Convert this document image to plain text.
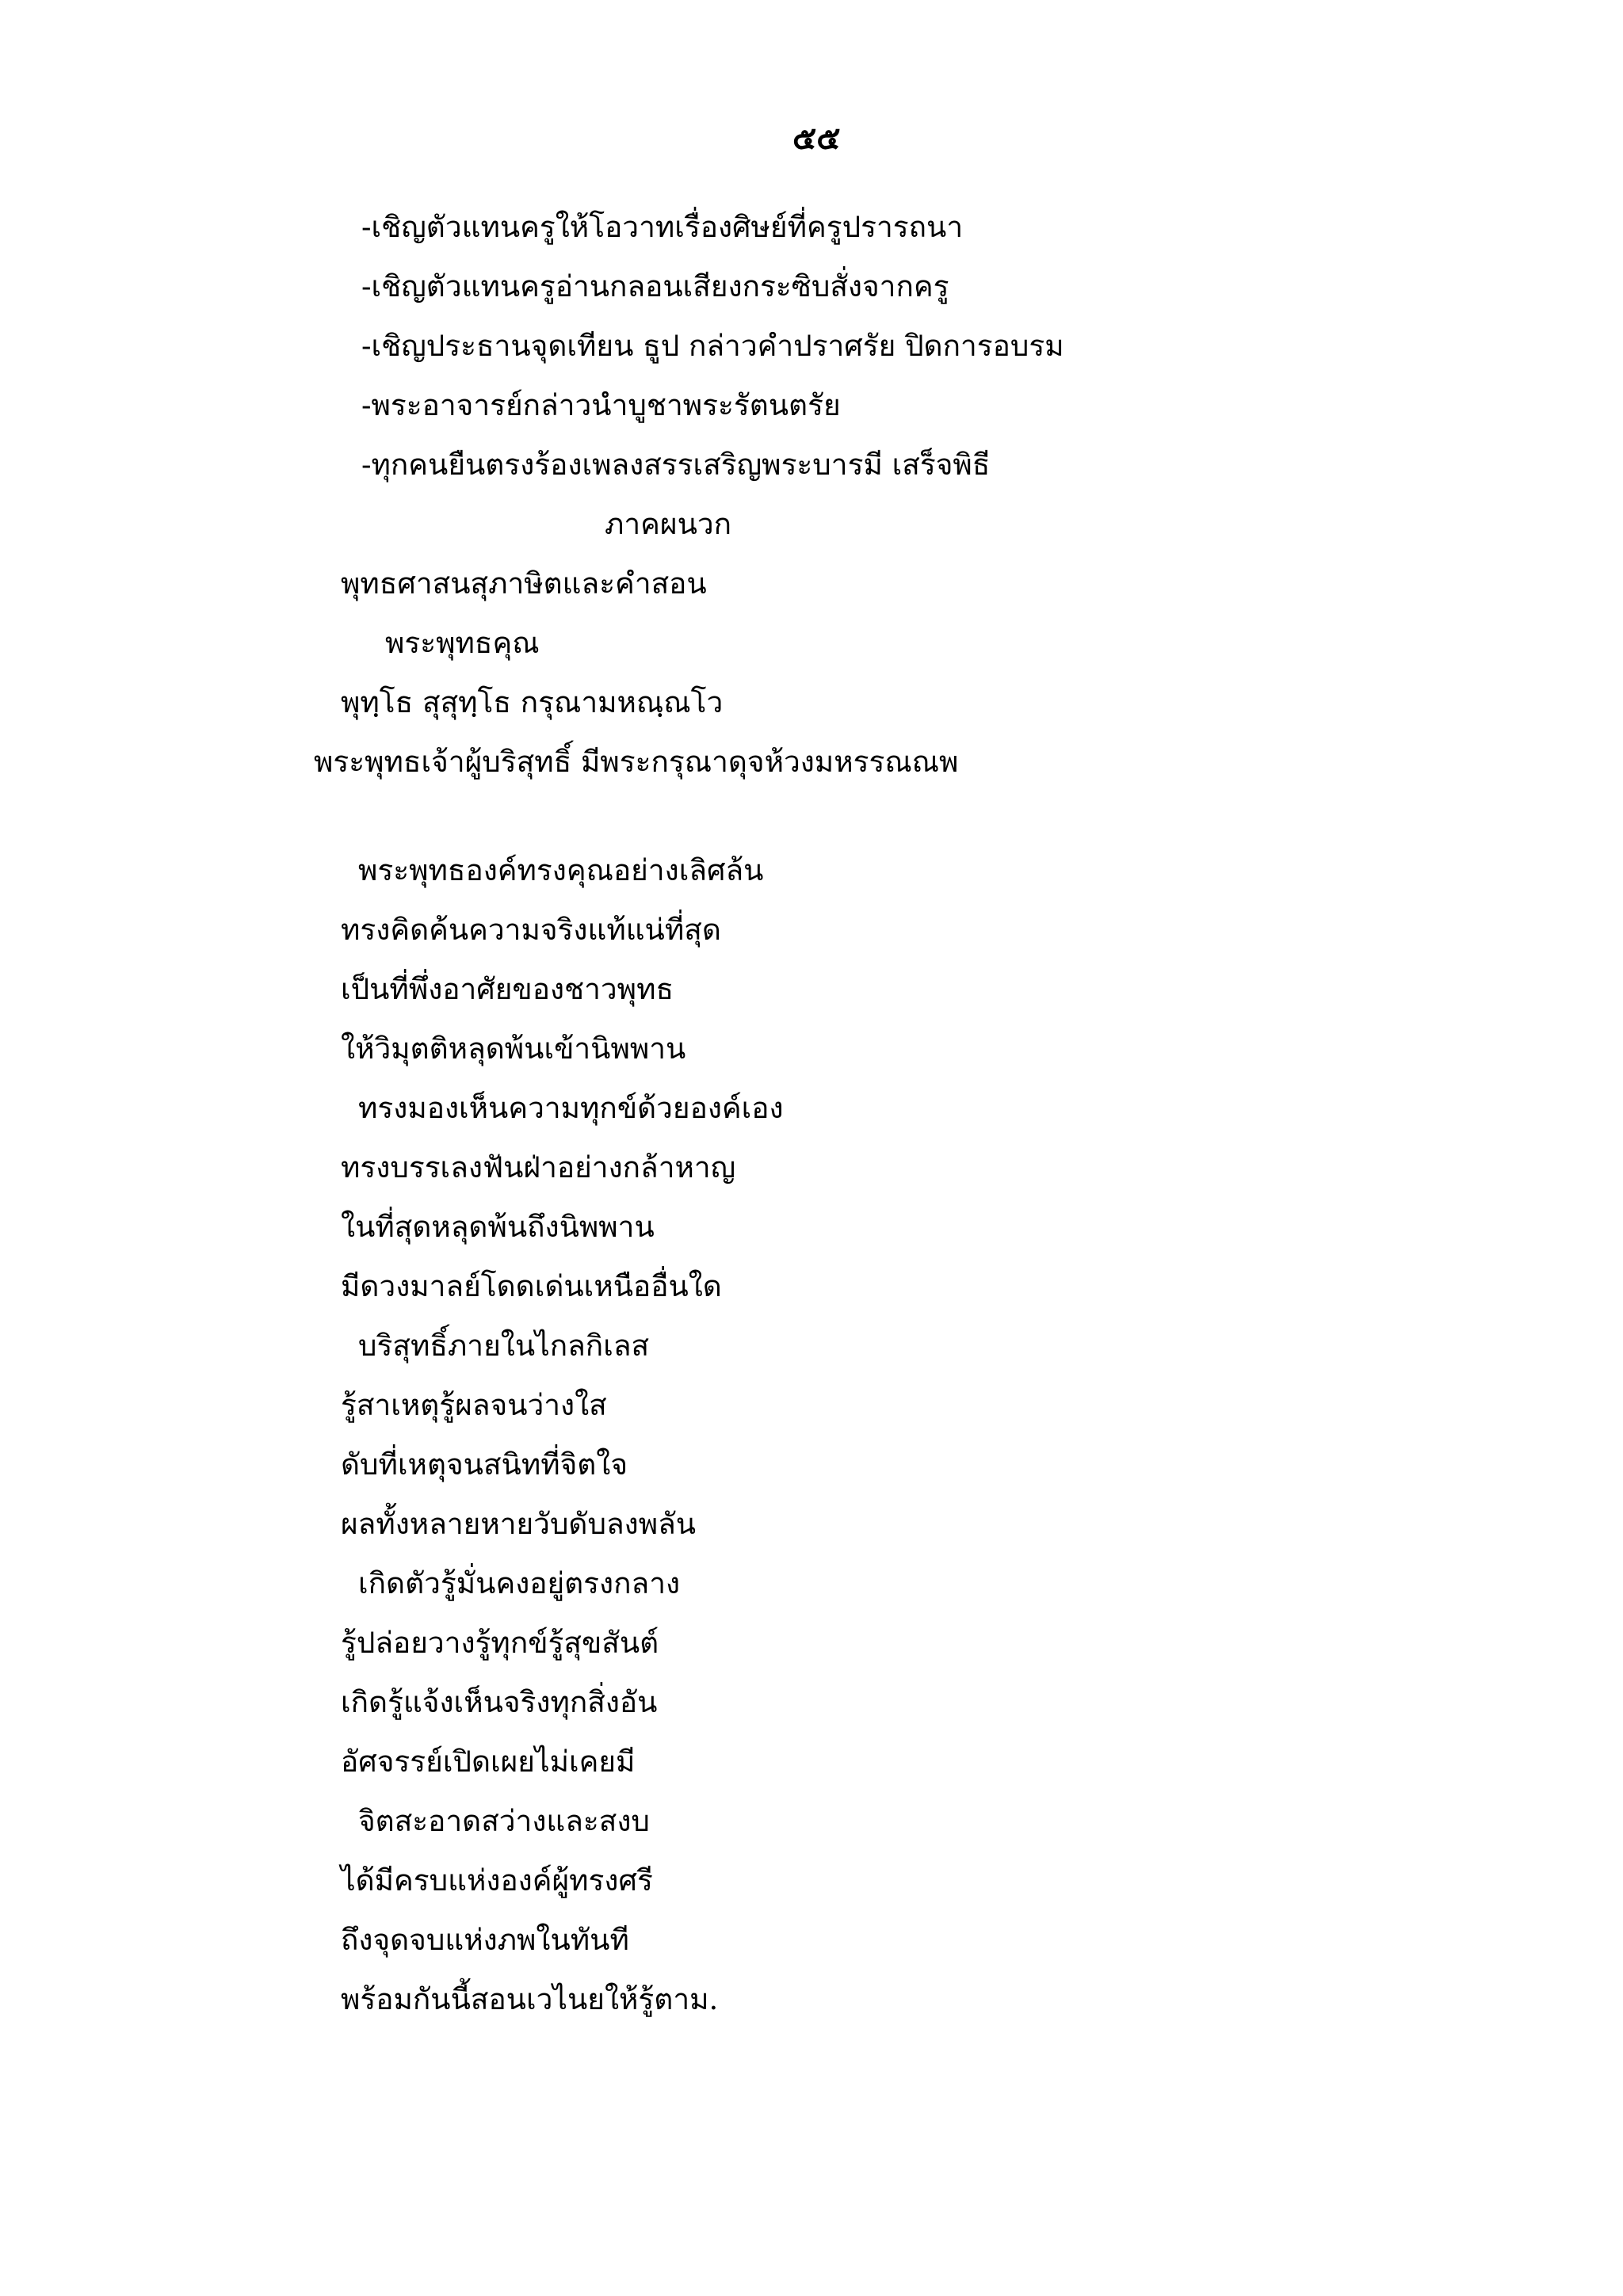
๕๕
-เชิญตัวแทนครูให้โอวาทเรื่องศิษย์ที่ครูปรารถนา
-เชิญตัวแทนครูอ่านกลอนเสียงกระซิบสั่งจากครู
-เชิญประธานจุดเทียน ธูป กล่าวคำปราศรัย ปิดการอบรม
-พระอาจารย์กล่าวนำบูชาพระรัตนตรัย
-ทุกคนยืนตรงร้องเพลงสรรเสริญพระบารมี เสร็จพิธี
ภาคผนวก
พุทธศาสนสุภาษิตและคำสอน
พระพุทธคุณ
พุทฺโธ สุสุทฺโธ กรุณามหณฺณโว
พระพุทธเจ้าผู้บริสุทธิ์ มีพระกรุณาดุจห้วงมหรรณณพ
พระพุทธองค์ทรงคุณอย่างเลิศล้น
ทรงคิดค้นความจริงแท้แน่ที่สุด
เป็นที่พึ่งอาศัยของชาวพุทธ
ให้วิมุตติหลุดพ้นเข้านิพพาน
ทรงมองเห็นความทุกข์ด้วยองค์เอง
ทรงบรรเลงฟันฝ่าอย่างกล้าหาญ
ในที่สุดหลุดพ้นถึงนิพพาน
มีดวงมาลย์โดดเด่นเหนืออื่นใด
บริสุทธิ์ภายในไกลกิเลส
รู้สาเหตุรู้ผลจนว่างใส
ดับที่เหตุจนสนิทที่จิตใจ
ผลทั้งหลายหายวับดับลงพลัน
เกิดตัวรู้มั่นคงอยู่ตรงกลาง
รู้ปล่อยวางรู้ทุกข์รู้สุขสันต์
เกิดรู้แจ้งเห็นจริงทุกสิ่งอัน
อัศจรรย์เปิดเผยไม่เคยมี
จิตสะอาดสว่างและสงบ
ได้มีครบแห่งองค์ผู้ทรงศรี
ถึงจุดจบแห่งภพในทันที
พร้อมกันนี้สอนเวไนยให้รู้ตาม.
